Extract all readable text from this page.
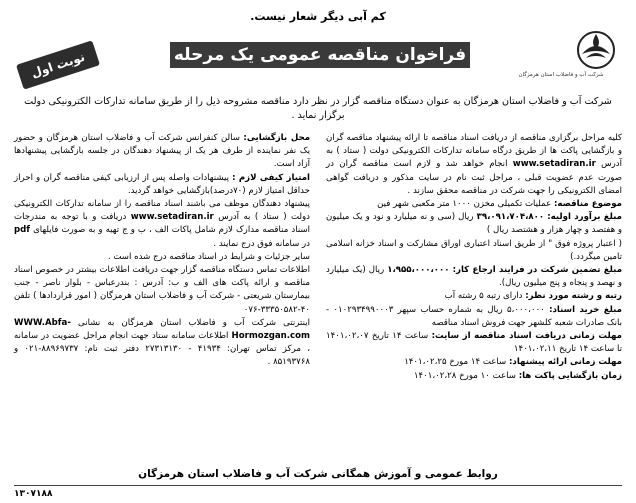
کم آبی دیگر شعار نیست.
شرکت آب و فاضلاب استان هرمزگان
فراخوان مناقصه عمومی یک مرحله ای
نوبت اول
شرکت آب و فاضلاب استان هرمزگان به عنوان دستگاه مناقصه گزار در نظر دارد مناقصه مشروحه ذیل را از طریق سامانه تدارکات الکترونیکی دولت برگزار نماید .

کلیه مراحل برگزاری مناقصه از دریافت اسناد مناقصه تا ارائه پیشنهاد مناقصه گران و بازگشایی پاکت ها از طریق درگاه سامانه تدارکات الکترونیکی دولت ( ستاد ) به آدرس www.setadiran.ir انجام خواهد شد و لازم است مناقصه گران در صورت عدم عضویت قبلی ، مراحل ثبت نام در سایت مذکور و دریافت گواهی امضای الکترونیکی را جهت شرکت در مناقصه محقق سازند .

موضوع مناقصه: عملیات تکمیلی مخزن ۱۰۰۰ متر مکعبی شهر فین

مبلغ برآورد اولیه: ۳۹،۰۹۱،۷۰۴،۸۰۰ ریال (سی و نه میلیارد و نود و یک میلیون و هفتصد و چهار هزار و هشتصد ریال )

( اعتبار پروژه فوق " از طریق اسناد اعتباری اوراق مشارکت و اسناد خزانه اسلامی تامین میگردد.)

مبلغ تضمین شرکت در فرایند ارجاع کار: ۱،۹۵۵،۰۰۰،۰۰۰ ریال (یک میلیارد و نهصد و پنجاه و پنج میلیون ریال).

رتبه و رشته مورد نظر: دارای رتبه ۵ رشته آب

مبلغ خرید اسناد: ۵،۰۰۰،۰۰۰ ریال به شماره حساب سپهر ۰۱۰۲۹۳۴۹۹۰۰۰۳ - بانک صادرات شعبه کلشهر جهت فروش اسناد مناقصه

مهلت زمانی دریافت اسناد مناقصه از سایت: ساعت ۱۴ تاریخ ۱۴۰۱،۰۲،۰۷ تا ساعت ۱۴ تاریخ ۱۴۰۱،۰۲،۱۱

مهلت زمانی ارائه پیشنهاد: ساعت ۱۴ مورخ ۱۴۰۱،۰۲،۲۵

زمان بازگشایی پاکت ها: ساعت ۱۰ مورخ ۱۴۰۱،۰۲،۲۸

محل بازگشایی: سالن کنفرانس شرکت آب و فاضلاب استان هرمزگان و حضور یک نفر نماینده از طرف هر یک از پیشنهاد دهندگان در جلسه بازگشایی پیشنهادها آزاد است.

امتیاز کیفی لازم : پیشنهادات واصله پس از ارزیابی کیفی مناقصه گران و احراز حداقل امتیاز لازم (۷۰درصد)بازگشایی خواهد گردید.

پیشنهاد دهندگان موظف می باشند اسناد مناقصه را از سامانه تدارکات الکترونیکی دولت ( ستاد ) به آدرس www.setadiran.ir دریافت و با توجه به مندرجات اسناد مناقصه مدارک لازم شامل پاکات الف ، ب و ج تهیه و به صورت فایلهای pdf در سامانه فوق درج نمایند .

سایر جزئیات و شرایط در اسناد مناقصه درج شده است .

اطلاعات تماس دستگاه مناقصه گزار جهت دریافت اطلاعات بیشتر در خصوص اسناد مناقصه و ارائه پاکت های الف و ب: آدرس : بندرعباس - بلوار ناصر - جنب بیمارستان شریعتی - شرکت آب و فاضلاب استان هرمزگان ( امور قراردادها ) تلفن ۴۰-۳۳۳۵۰۵۸۲-۰۷۶

اینترنتی شرکت آب و فاضلاب استان هرمزگان به نشانی WWW.Abfa-Hormozgan.com اطلاعات سامانه ستاد جهت انجام مراحل عضویت در سامانه ، مرکز تماس تهران: ۴۱۹۳۴ - ۲۷۳۱۳۱۳۰ دفتر ثبت نام: ۸۸۹۶۹۷۳۷-۰۲۱ و ۸۵۱۹۳۷۶۸ .

روابط عمومی و آموزش همگانی شرکت آب و فاضلاب استان هرمزگان
۱۳۰۷۱۸۸
